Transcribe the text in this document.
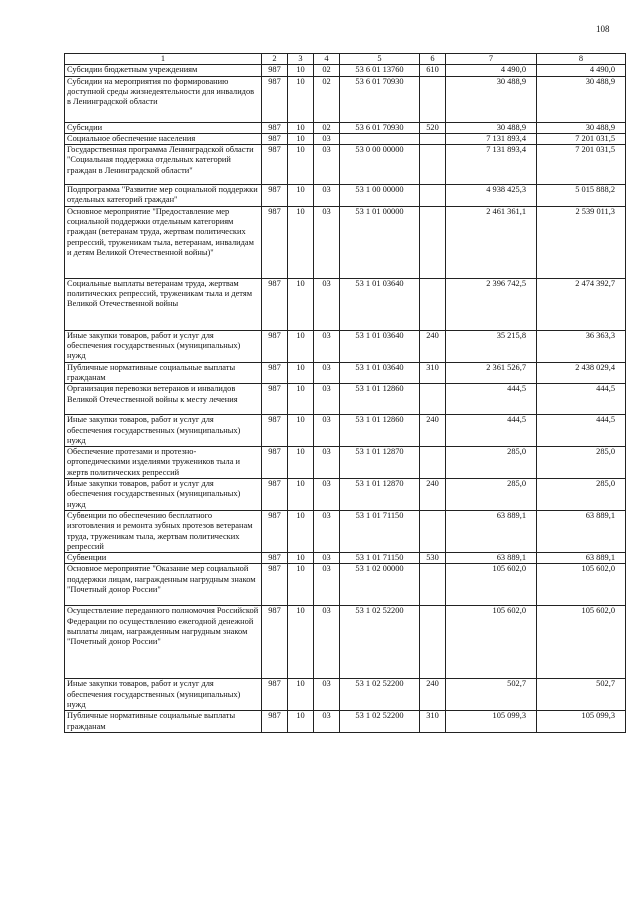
108
1	2	3	4	5	6	7	8
Субсидии бюджетным учреждениям	987	10	02	53 6 01 13760	610	4 490,0	4 490,0
Субсидии на мероприятия по формированию доступной среды жизнедеятельности для инвалидов в Ленинградской области	987	10	02	53 6 01 70930		30 488,9	30 488,9
Субсидии	987	10	02	53 6 01 70930	520	30 488,9	30 488,9
Социальное обеспечение населения	987	10	03			7 131 893,4	7 201 031,5
Государственная программа Ленинградской области "Социальная поддержка отдельных категорий граждан в Ленинградской области"	987	10	03	53 0 00 00000		7 131 893,4	7 201 031,5
Подпрограмма "Развитие мер социальной поддержки отдельных категорий граждан"	987	10	03	53 1 00 00000		4 938 425,3	5 015 888,2
Основное мероприятие "Предоставление мер социальной поддержки отдельным категориям граждан (ветеранам труда, жертвам политических репрессий, труженикам тыла, ветеранам, инвалидам и детям Великой Отечественной войны)"	987	10	03	53 1 01 00000		2 461 361,1	2 539 011,3
Социальные выплаты ветеранам труда, жертвам политических репрессий, труженикам тыла и детям Великой Отечественной войны	987	10	03	53 1 01 03640		2 396 742,5	2 474 392,7
Иные закупки товаров, работ и услуг для обеспечения государственных (муниципальных) нужд	987	10	03	53 1 01 03640	240	35 215,8	36 363,3
Публичные нормативные социальные выплаты гражданам	987	10	03	53 1 01 03640	310	2 361 526,7	2 438 029,4
Организация перевозки ветеранов и инвалидов Великой Отечественной войны к месту лечения	987	10	03	53 1 01 12860		444,5	444,5
Иные закупки товаров, работ и услуг для обеспечения государственных (муниципальных) нужд	987	10	03	53 1 01 12860	240	444,5	444,5
Обеспечение протезами и протезно-ортопедическими изделиями тружеников тыла и жертв политических репрессий	987	10	03	53 1 01 12870		285,0	285,0
Иные закупки товаров, работ и услуг для обеспечения государственных (муниципальных) нужд	987	10	03	53 1 01 12870	240	285,0	285,0
Субвенции по обеспечению бесплатного изготовления и ремонта зубных протезов ветеранам труда, труженикам тыла, жертвам политических репрессий	987	10	03	53 1 01 71150		63 889,1	63 889,1
Субвенции	987	10	03	53 1 01 71150	530	63 889,1	63 889,1
Основное мероприятие "Оказание мер социальной поддержки лицам, награжденным нагрудным знаком "Почетный донор России"	987	10	03	53 1 02 00000		105 602,0	105 602,0
Осуществление переданного полномочия Российской Федерации по осуществлению ежегодной денежной выплаты лицам, награжденным нагрудным знаком "Почетный донор России"	987	10	03	53 1 02 52200		105 602,0	105 602,0
Иные закупки товаров, работ и услуг для обеспечения государственных (муниципальных) нужд	987	10	03	53 1 02 52200	240	502,7	502,7
Публичные нормативные социальные выплаты гражданам	987	10	03	53 1 02 52200	310	105 099,3	105 099,3
